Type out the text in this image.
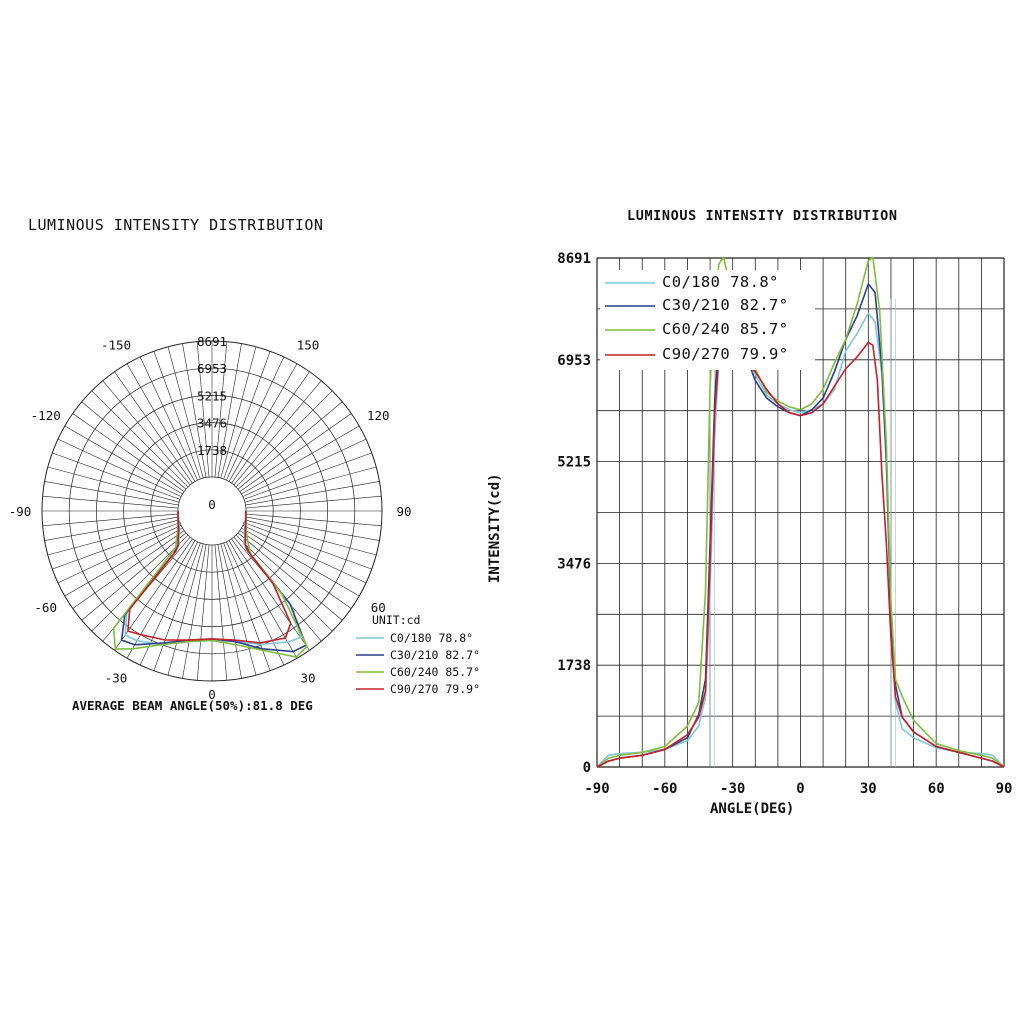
LUMINOUS INTENSITY DISTRIBUTION
1738
3476
5215
6953
8691
0
-150	150
-120	120
-90	90
-60	60
-30	30
0
UNIT:cd
C0/180 78.8°
C30/210 82.7°
C60/240 85.7°
C90/270 79.9°
AVERAGE BEAM ANGLE(50%):81.8 DEG
LUMINOUS INTENSITY DISTRIBUTION
-90	-60	-30	0	30	60	90
0
1738
3476
5215
6953
8691
ANGLE(DEG)
INTENSITY(cd)
C0/180 78.8°
C30/210 82.7°
C60/240 85.7°
C90/270 79.9°
